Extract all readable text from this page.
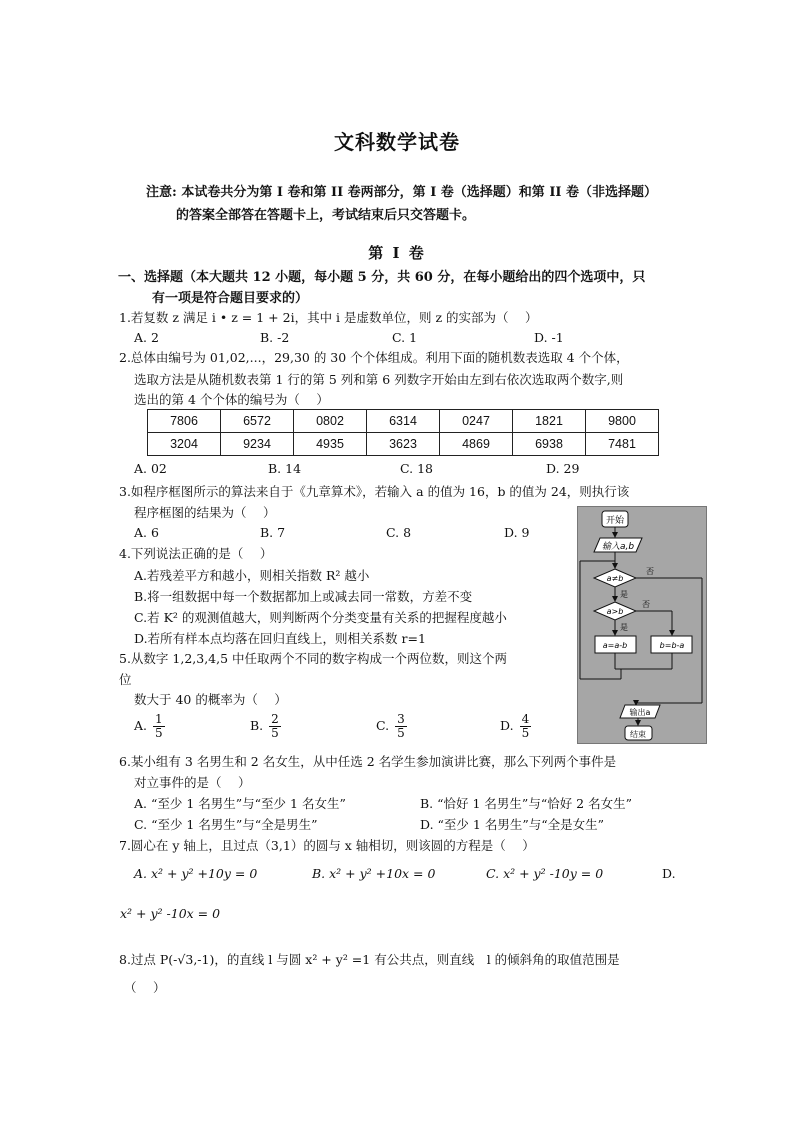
文科数学试卷
注意: 本试卷共分为第 I 卷和第 II 卷两部分，第 I 卷（选择题）和第 II 卷（非选择题）
的答案全部答在答题卡上，考试结束后只交答题卡。
第 I 卷
一、选择题（本大题共 12 小题，每小题 5 分，共 60 分，在每小题给出的四个选项中，只
有一项是符合题目要求的）
1.若复数 z 满足 i • z = 1 + 2i，其中 i 是虚数单位，则 z 的实部为（　 ）
A. 2	B. -2	C. 1	D. -1
2.总体由编号为 01,02,...，29,30 的 30 个个体组成。利用下面的随机数表选取 4 个个体，
选取方法是从随机数表第 1 行的第 5 列和第 6 列数字开始由左到右依次选取两个数字,则
选出的第 4 个个体的编号为（　 ）
7806	6572	0802	6314	0247	1821	9800
3204	9234	4935	3623	4869	6938	7481
A. 02	B. 14	C. 18	D. 29
3.如程序框图所示的算法来自于《九章算术》，若输入 a 的值为 16，b 的值为 24，则执行该
程序框图的结果为（　 ）
A. 6	B. 7	C. 8	D. 9
开始
输入a,b
a≠b
否
是
a>b
否
是
a=a-b	b=b-a
输出a
结束
4.下列说法正确的是（　 ）
A.若残差平方和越小，则相关指数 R² 越小
B.将一组数据中每一个数据都加上或减去同一常数，方差不变
C.若 K² 的观测值越大，则判断两个分类变量有关系的把握程度越小
D.若所有样本点均落在回归直线上，则相关系数 r=1
5.从数字 1,2,3,4,5 中任取两个不同的数字构成一个两位数，则这个两
位
数大于 40 的概率为（　 ）
A. $\frac{1}{5}$	B. $\frac{2}{5}$	C. $\frac{3}{5}$	D. $\frac{4}{5}$
6.某小组有 3 名男生和 2 名女生，从中任选 2 名学生参加演讲比赛，那么下列两个事件是
对立事件的是（　 ）
A. “至少 1 名男生”与“至少 1 名女生”	B. “恰好 1 名男生”与“恰好 2 名女生”
C. “至少 1 名男生”与“全是男生”	D. “至少 1 名男生”与“全是女生”
7.圆心在 y 轴上，且过点（3,1）的圆与 x 轴相切，则该圆的方程是（　 ）
A. x² + y² +10y = 0	B. x² + y² +10x = 0	C. x² + y² -10y = 0	D.
x² + y² -10x = 0
8.过点 P(-√3,-1)，的直线 l 与圆 x² + y² =1 有公共点，则直线　l 的倾斜角的取值范围是
（　 ）
